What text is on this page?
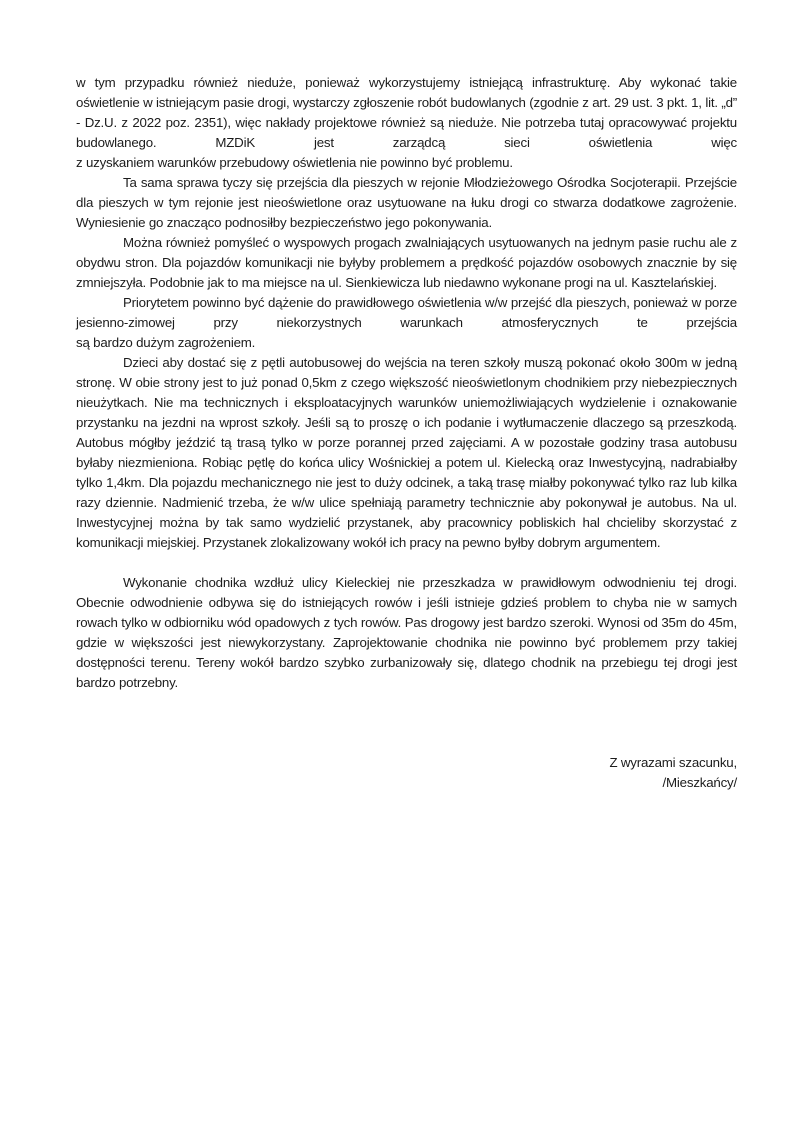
w tym przypadku również nieduże, ponieważ wykorzystujemy istniejącą infrastrukturę. Aby wykonać takie oświetlenie w istniejącym pasie drogi, wystarczy zgłoszenie robót budowlanych (zgodnie z art. 29 ust. 3 pkt. 1, lit. „d” - Dz.U. z 2022 poz. 2351), więc nakłady projektowe również są nieduże. Nie potrzeba tutaj opracowywać projektu budowlanego. MZDiK jest zarządcą sieci oświetlenia więc

z uzyskaniem warunków przebudowy oświetlenia nie powinno być problemu.

Ta sama sprawa tyczy się przejścia dla pieszych w rejonie Młodzieżowego Ośrodka Socjoterapii. Przejście dla pieszych w tym rejonie jest nieoświetlone oraz usytuowane na łuku drogi co stwarza dodatkowe zagrożenie. Wyniesienie go znacząco podnosiłby bezpieczeństwo jego pokonywania.

Można również pomyśleć o wyspowych progach zwalniających usytuowanych na jednym pasie ruchu ale z obydwu stron. Dla pojazdów komunikacji nie byłyby problemem a prędkość pojazdów osobowych znacznie by się zmniejszyła. Podobnie jak to ma miejsce na ul. Sienkiewicza lub niedawno wykonane progi na ul. Kasztelańskiej.

Priorytetem powinno być dążenie do prawidłowego oświetlenia w/w przejść dla pieszych, ponieważ w porze jesienno-zimowej przy niekorzystnych warunkach atmosferycznych te przejścia

są bardzo dużym zagrożeniem.

Dzieci aby dostać się z pętli autobusowej do wejścia na teren szkoły muszą pokonać około 300m w jedną stronę. W obie strony jest to już ponad 0,5km z czego większość nieoświetlonym chodnikiem przy niebezpiecznych nieużytkach. Nie ma technicznych i eksploatacyjnych warunków uniemożliwiających wydzielenie i oznakowanie przystanku na jezdni na wprost szkoły. Jeśli są to proszę o ich podanie i wytłumaczenie dlaczego są przeszkodą. Autobus mógłby jeździć tą trasą tylko w porze porannej przed zajęciami. A w pozostałe godziny trasa autobusu byłaby niezmieniona. Robiąc pętlę do końca ulicy Wośnickiej a potem ul. Kielecką oraz Inwestycyjną, nadrabiałby tylko 1,4km. Dla pojazdu mechanicznego nie jest to duży odcinek, a taką trasę miałby pokonywać tylko raz lub kilka razy dziennie. Nadmienić trzeba, że w/w ulice spełniają parametry technicznie aby pokonywał je autobus. Na ul. Inwestycyjnej można by tak samo wydzielić przystanek, aby pracownicy pobliskich hal chcieliby skorzystać z komunikacji miejskiej. Przystanek zlokalizowany wokół ich pracy na pewno byłby dobrym argumentem.

Wykonanie chodnika wzdłuż ulicy Kieleckiej nie przeszkadza w prawidłowym odwodnieniu tej drogi. Obecnie odwodnienie odbywa się do istniejących rowów i jeśli istnieje gdzieś problem to chyba nie w samych rowach tylko w odbiorniku wód opadowych z tych rowów. Pas drogowy jest bardzo szeroki. Wynosi od 35m do 45m, gdzie w większości jest niewykorzystany. Zaprojektowanie chodnika nie powinno być problemem przy takiej dostępności terenu. Tereny wokół bardzo szybko zurbanizowały się, dlatego chodnik na przebiegu tej drogi jest bardzo potrzebny.

Z wyrazami szacunku,

/Mieszkańcy/
